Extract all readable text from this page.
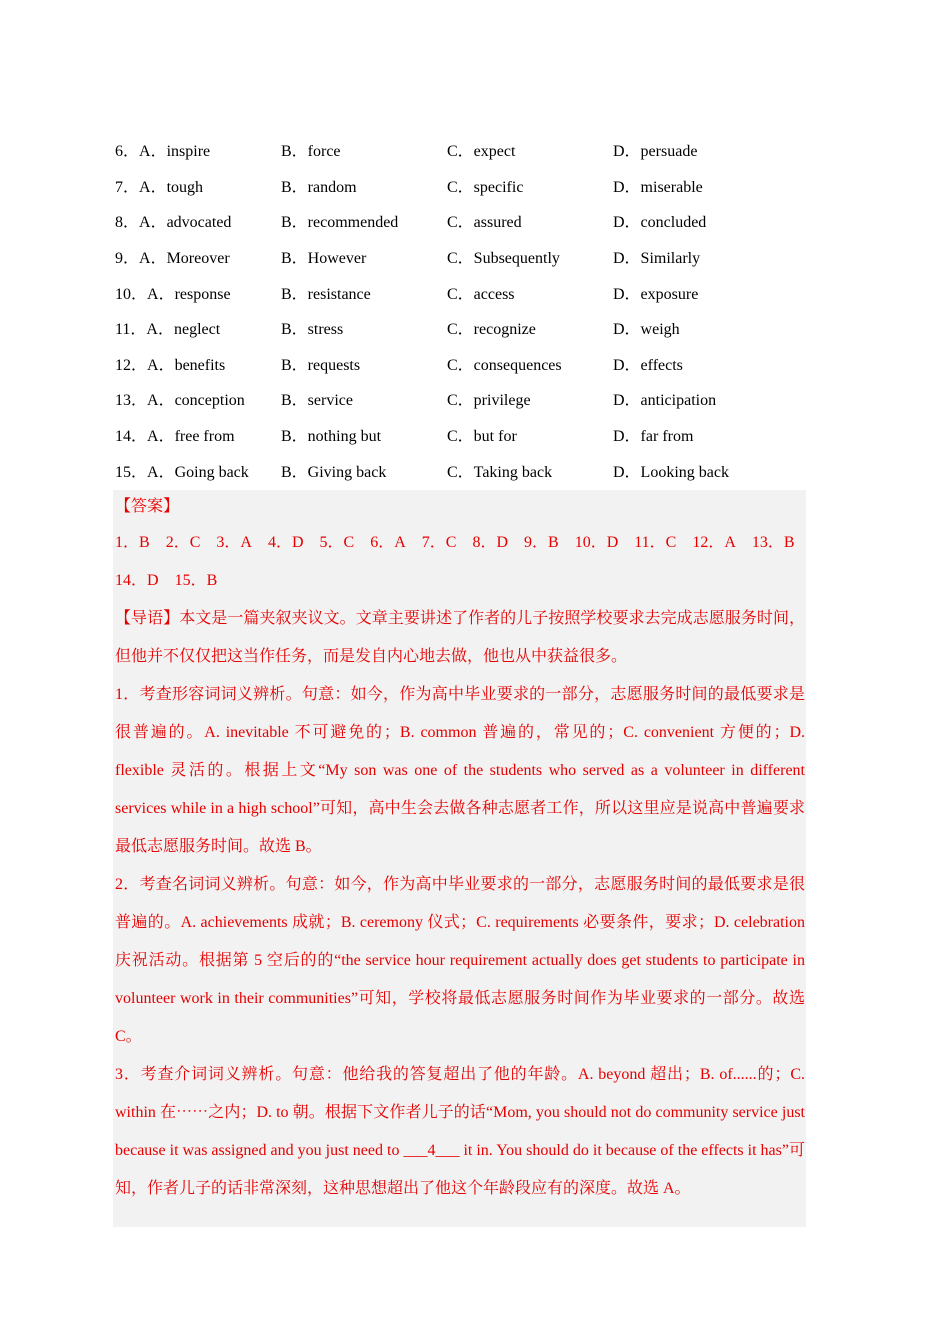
6．A．inspire	B．force	C．expect	D．persuade
7．A．tough	B．random	C．specific	D．miserable
8．A．advocated	B．recommended	C．assured	D．concluded
9．A．Moreover	B．However	C．Subsequently	D．Similarly
10．A．response	B．resistance	C．access	D．exposure
11．A．neglect	B．stress	C．recognize	D．weigh
12．A．benefits	B．requests	C．consequences	D．effects
13．A．conception	B．service	C．privilege	D．anticipation
14．A．free from	B．nothing but	C．but for	D．far from
15．A．Going back	B．Giving back	C．Taking back	D．Looking back
【答案】
1．B 2．C 3．A 4．D 5．C 6．A 7．C 8．D 9．B 10．D 11．C 12．A 13．B 14．D 15．B
【导语】本文是一篇夹叙夹议文。文章主要讲述了作者的儿子按照学校要求去完成志愿服务时间，但他并不仅仅把这当作任务，而是发自内心地去做，他也从中获益很多。
1．考查形容词词义辨析。句意：如今，作为高中毕业要求的一部分，志愿服务时间的最低要求是很普遍的。A. inevitable 不可避免的；B. common 普遍的，常见的；C. convenient 方便的；D. flexible 灵活的。根据上文“My son was one of the students who served as a volunteer in different services while in a high school”可知，高中生会去做各种志愿者工作，所以这里应是说高中普遍要求最低志愿服务时间。故选 B。
2．考查名词词义辨析。句意：如今，作为高中毕业要求的一部分，志愿服务时间的最低要求是很普遍的。A. achievements 成就；B. ceremony 仪式；C. requirements 必要条件，要求；D. celebration 庆祝活动。根据第 5 空后的的“the service hour requirement actually does get students to participate in volunteer work in their communities”可知，学校将最低志愿服务时间作为毕业要求的一部分。故选 C。
3．考查介词词义辨析。句意：他给我的答复超出了他的年龄。A. beyond 超出；B. of......的；C. within 在⋯⋯之内；D. to 朝。根据下文作者儿子的话“Mom, you should not do community service just because it was assigned and you just need to ___4___ it in. You should do it because of the effects it has”可知，作者儿子的话非常深刻，这种思想超出了他这个年龄段应有的深度。故选 A。
